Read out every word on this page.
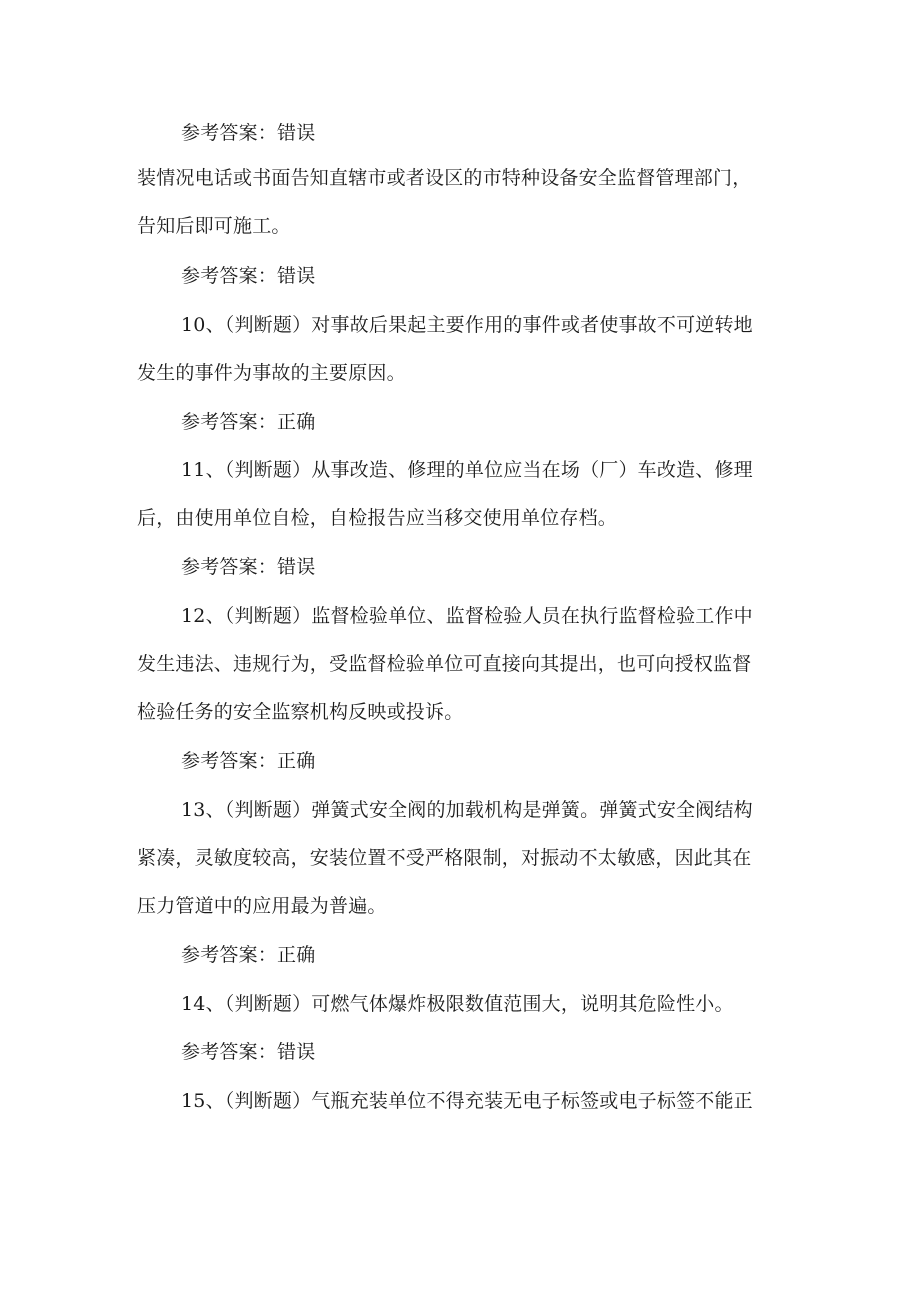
参考答案：错误
装情况电话或书面告知直辖市或者设区的市特种设备安全监督管理部门，
告知后即可施工。
参考答案：错误
10、（判断题）对事故后果起主要作用的事件或者使事故不可逆转地
发生的事件为事故的主要原因。
参考答案：正确
11、（判断题）从事改造、修理的单位应当在场（厂）车改造、修理
后，由使用单位自检，自检报告应当移交使用单位存档。
参考答案：错误
12、（判断题）监督检验单位、监督检验人员在执行监督检验工作中
发生违法、违规行为，受监督检验单位可直接向其提出，也可向授权监督
检验任务的安全监察机构反映或投诉。
参考答案：正确
13、（判断题）弹簧式安全阀的加载机构是弹簧。弹簧式安全阀结构
紧凑，灵敏度较高，安装位置不受严格限制，对振动不太敏感，因此其在
压力管道中的应用最为普遍。
参考答案：正确
14、（判断题）可燃气体爆炸极限数值范围大，说明其危险性小。
参考答案：错误
15、（判断题）气瓶充装单位不得充装无电子标签或电子标签不能正
